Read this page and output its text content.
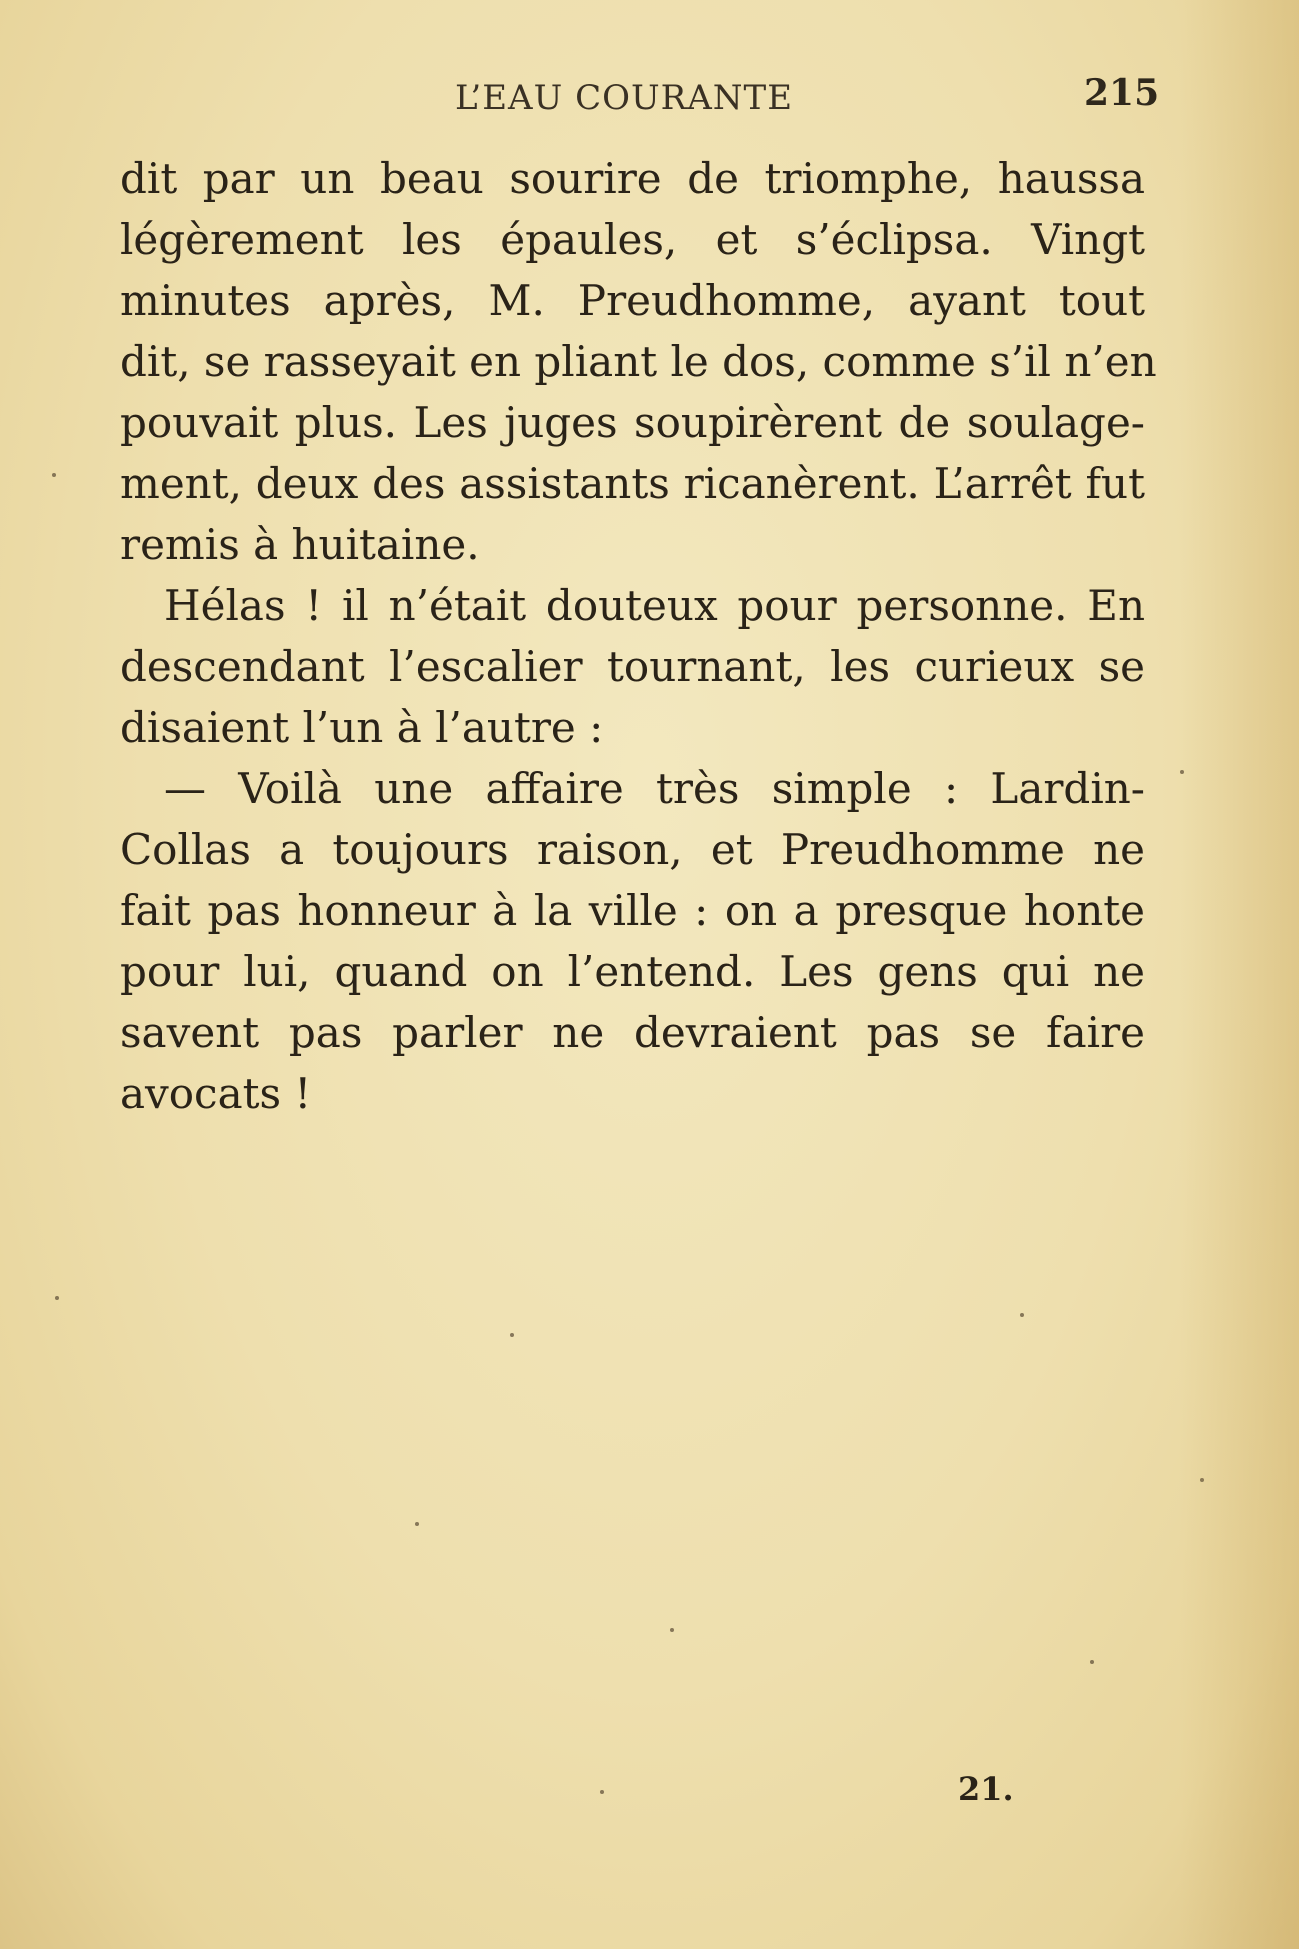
L’EAU COURANTE	215

dit par un beau sourire de triomphe, haussa
légèrement les épaules, et s’éclipsa. Vingt
minutes après, M. Preudhomme, ayant tout
dit, se rasseyait en pliant le dos, comme s’il n’en
pouvait plus. Les juges soupirèrent de soulage-
ment, deux des assistants ricanèrent. L’arrêt fut
remis à huitaine.

Hélas ! il n’était douteux pour personne. En
descendant l’escalier tournant, les curieux se
disaient l’un à l’autre :

— Voilà une affaire très simple : Lardin-
Collas a toujours raison, et Preudhomme ne
fait pas honneur à la ville : on a presque honte
pour lui, quand on l’entend. Les gens qui ne
savent pas parler ne devraient pas se faire
avocats !

21.
